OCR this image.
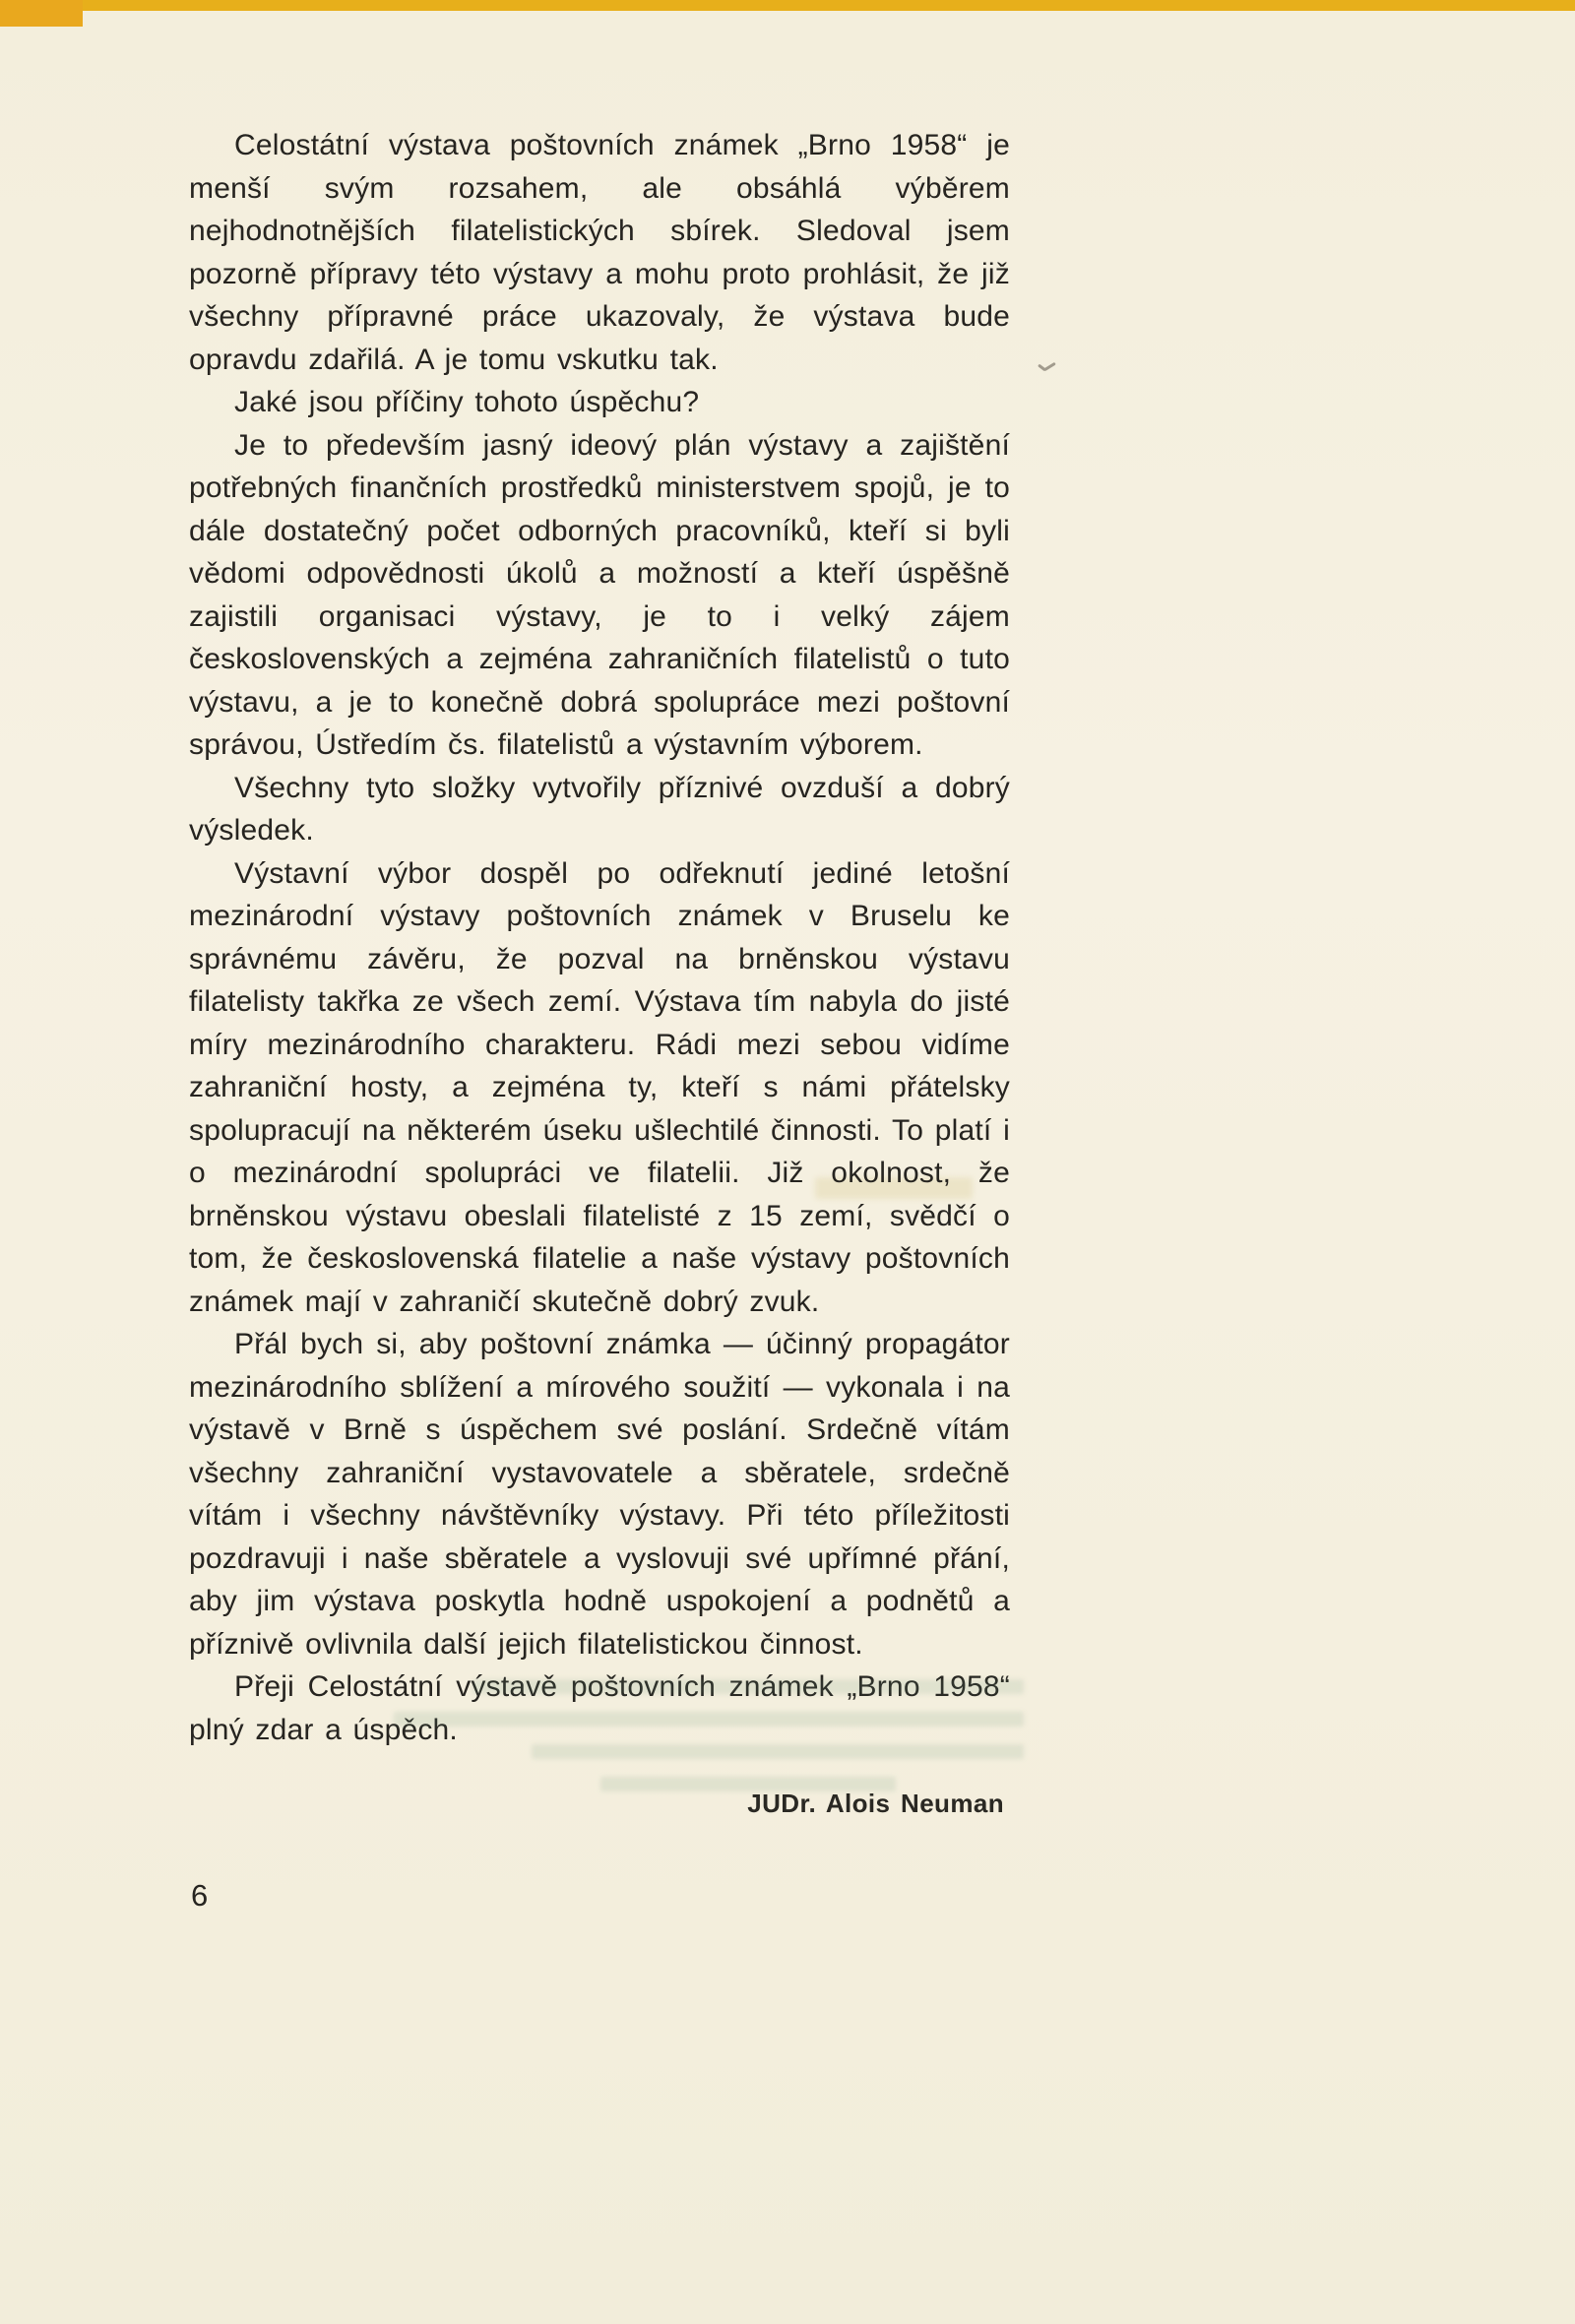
Celostátní výstava poštovních známek „Brno 1958“ je menší svým rozsahem, ale obsáhlá výběrem nejhodnotnějších filatelistických sbírek. Sledoval jsem pozorně přípravy této výstavy a mohu proto prohlásit, že již všechny přípravné práce ukazovaly, že výstava bude opravdu zdařilá. A je tomu vskutku tak.

Jaké jsou příčiny tohoto úspěchu?

Je to především jasný ideový plán výstavy a zajištění potřebných finančních prostředků ministerstvem spojů, je to dále dostatečný počet odborných pracovníků, kteří si byli vědomi odpovědnosti úkolů a možností a kteří úspěšně zajistili organisaci výstavy, je to i velký zájem československých a zejména zahraničních filatelistů o tuto výstavu, a je to konečně dobrá spolupráce mezi poštovní správou, Ústředím čs. filatelistů a výstavním výborem.

Všechny tyto složky vytvořily příznivé ovzduší a dobrý výsledek.

Výstavní výbor dospěl po odřeknutí jediné letošní mezinárodní výstavy poštovních známek v Bruselu ke správnému závěru, že pozval na brněnskou výstavu filatelisty takřka ze všech zemí. Výstava tím nabyla do jisté míry mezinárodního charakteru. Rádi mezi sebou vidíme zahraniční hosty, a zejména ty, kteří s námi přátelsky spolupracují na některém úseku ušlechtilé činnosti. To platí i o mezinárodní spolupráci ve filatelii. Již okolnost, že brněnskou výstavu obeslali filatelisté z 15 zemí, svědčí o tom, že československá filatelie a naše výstavy poštovních známek mají v zahraničí skutečně dobrý zvuk.

Přál bych si, aby poštovní známka — účinný propagátor mezinárodního sblížení a mírového soužití — vykonala i na výstavě v Brně s úspěchem své poslání. Srdečně vítám všechny zahraniční vystavovatele a sběratele, srdečně vítám i všechny návštěvníky výstavy. Při této příležitosti pozdravuji i naše sběratele a vyslovuji své upřímné přání, aby jim výstava poskytla hodně uspokojení a podnětů a příznivě ovlivnila další jejich filatelistickou činnost.

Přeji Celostátní výstavě poštovních známek „Brno 1958“ plný zdar a úspěch.

JUDr. Alois Neuman

6
